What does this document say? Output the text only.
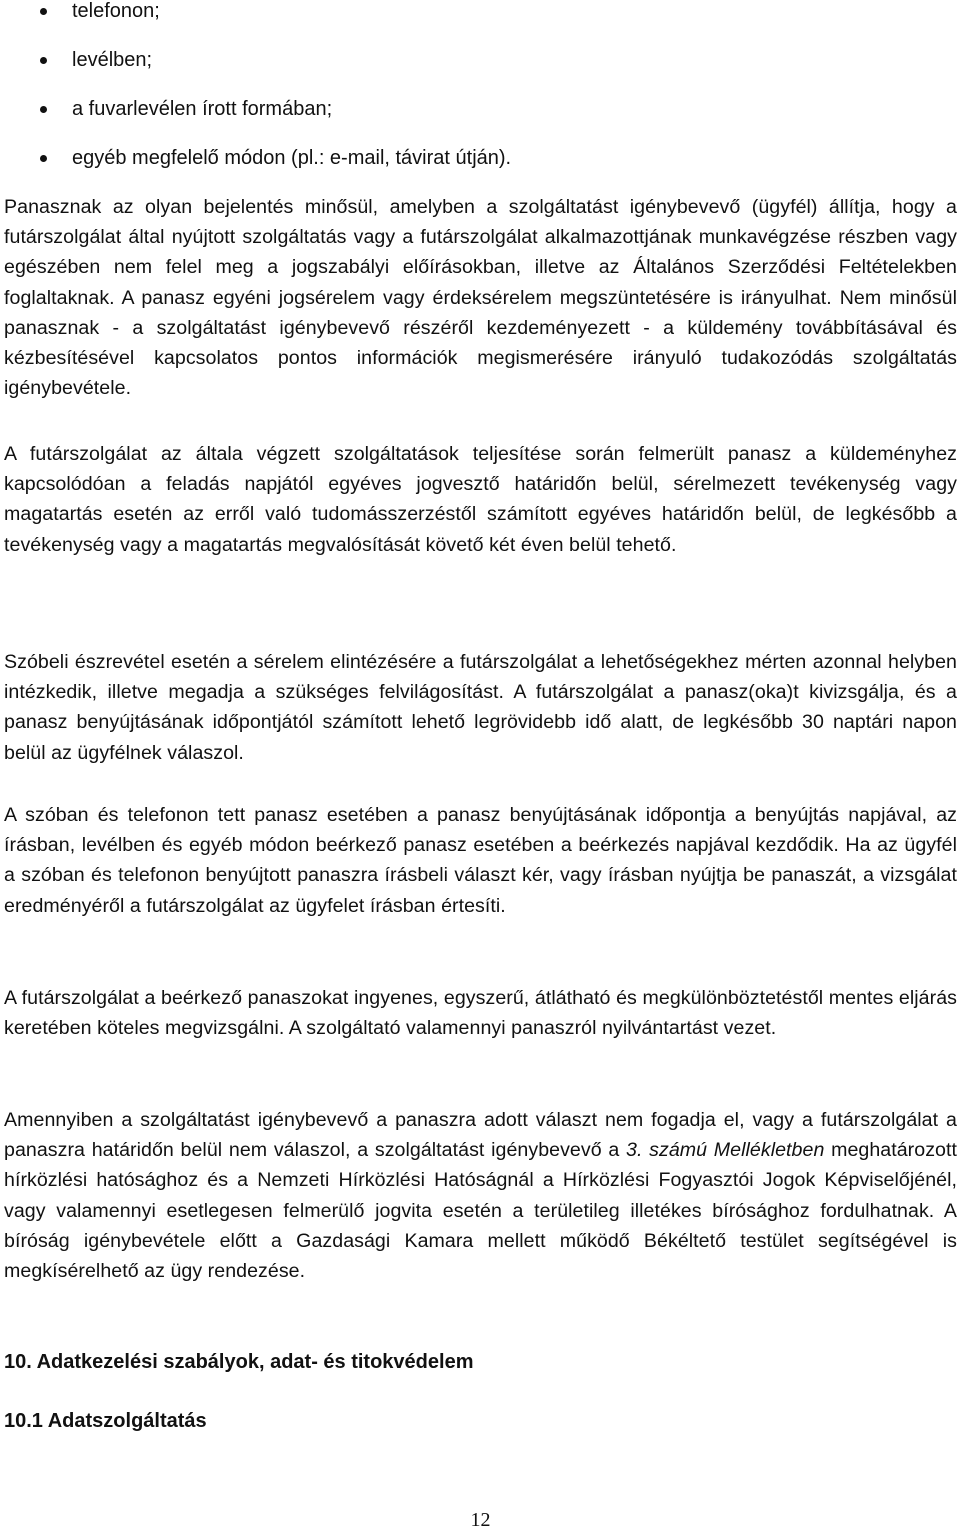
telefonon;
levélben;
a fuvarlevélen írott formában;
egyéb megfelelő módon (pl.: e-mail, távirat útján).

Panasznak az olyan bejelentés minősül, amelyben a szolgáltatást igénybevevő (ügyfél) állítja, hogy a futárszolgálat által nyújtott szolgáltatás vagy a futárszolgálat alkalmazottjának munkavégzése részben vagy egészében nem felel meg a jogszabályi előírásokban, illetve az Általános Szerződési Feltételekben foglaltaknak. A panasz egyéni jogsérelem vagy érdeksérelem megszüntetésére is irányulhat. Nem minősül panasznak - a szolgáltatást igénybevevő részéről kezdeményezett - a küldemény továbbításával és kézbesítésével kapcsolatos pontos információk megismerésére irányuló tudakozódás szolgáltatás igénybevétele.

A futárszolgálat az általa végzett szolgáltatások teljesítése során felmerült panasz a küldeményhez kapcsolódóan a feladás napjától egyéves jogvesztő határidőn belül, sérelmezett tevékenység vagy magatartás esetén az erről való tudomásszerzéstől számított egyéves határidőn belül, de legkésőbb a tevékenység vagy a magatartás megvalósítását követő két éven belül tehető.

Szóbeli észrevétel esetén a sérelem elintézésére a futárszolgálat a lehetőségekhez mérten azonnal helyben intézkedik, illetve megadja a szükséges felvilágosítást. A futárszolgálat a panasz(oka)t kivizsgálja, és a panasz benyújtásának időpontjától számított lehető legrövidebb idő alatt, de legkésőbb 30 naptári napon belül az ügyfélnek válaszol.

A szóban és telefonon tett panasz esetében a panasz benyújtásának időpontja a benyújtás napjával, az írásban, levélben és egyéb módon beérkező panasz esetében a beérkezés napjával kezdődik. Ha az ügyfél a szóban és telefonon benyújtott panaszra írásbeli választ kér, vagy írásban nyújtja be panaszát, a vizsgálat eredményéről a futárszolgálat az ügyfelet írásban értesíti.

A futárszolgálat a beérkező panaszokat ingyenes, egyszerű, átlátható és megkülönböztetéstől mentes eljárás keretében köteles megvizsgálni. A szolgáltató valamennyi panaszról nyilvántartást vezet.

Amennyiben a szolgáltatást igénybevevő a panaszra adott választ nem fogadja el, vagy a futárszolgálat a panaszra határidőn belül nem válaszol, a szolgáltatást igénybevevő a 3. számú Mellékletben meghatározott hírközlési hatósághoz és a Nemzeti Hírközlési Hatóságnál a Hírközlési Fogyasztói Jogok Képviselőjénél, vagy valamennyi esetlegesen felmerülő jogvita esetén a területileg illetékes bírósághoz fordulhatnak. A bíróság igénybevétele előtt a Gazdasági Kamara mellett működő Békéltető testület segítségével is megkísérelhető az ügy rendezése.

10. Adatkezelési szabályok, adat- és titokvédelem
10.1 Adatszolgáltatás
12
